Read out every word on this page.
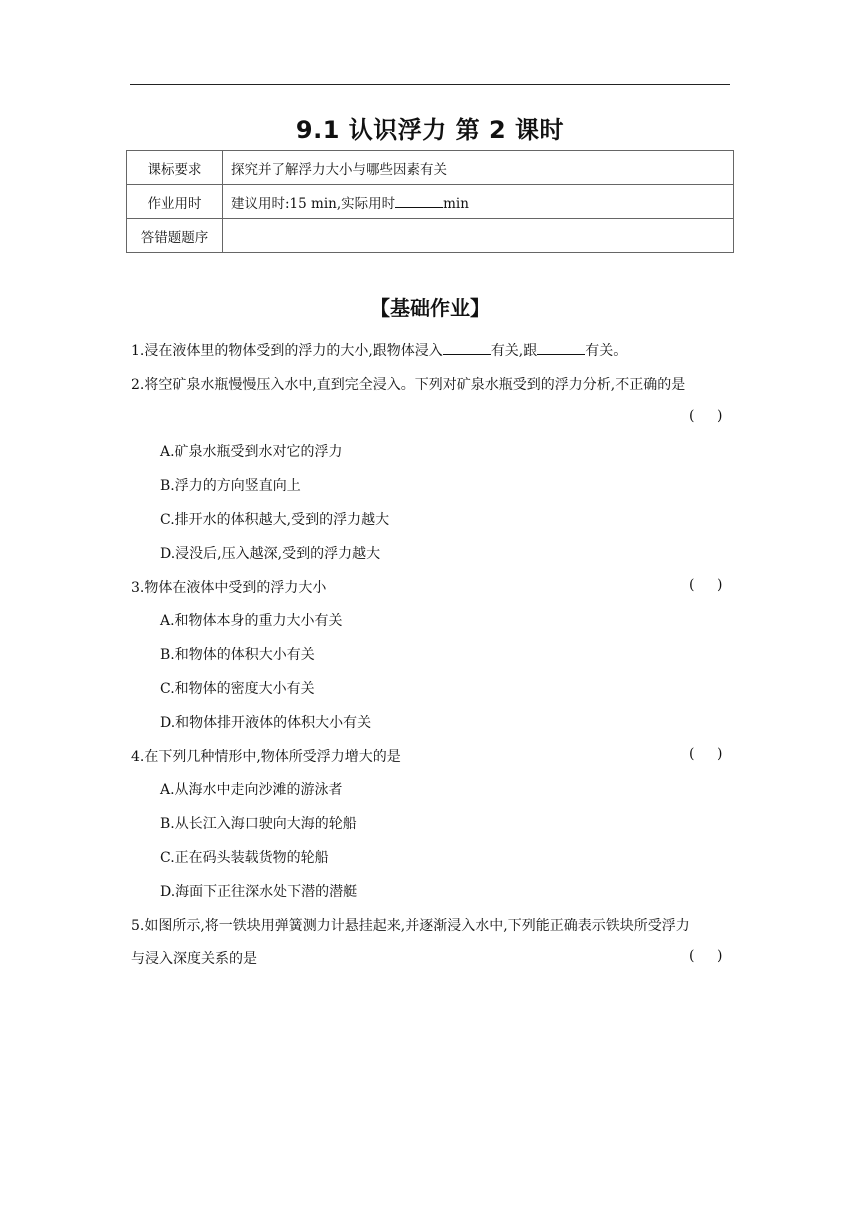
9.1 认识浮力 第 2 课时
课标要求	探究并了解浮力大小与哪些因素有关
作业用时	建议用时:15 min,实际用时 min
答错题题序	
【基础作业】
1.浸在液体里的物体受到的浮力的大小,跟物体浸入	有关,跟	有关。
2.将空矿泉水瓶慢慢压入水中,直到完全浸入。下列对矿泉水瓶受到的浮力分析,不正确的是
( )
A.矿泉水瓶受到水对它的浮力
B.浮力的方向竖直向上
C.排开水的体积越大,受到的浮力越大
D.浸没后,压入越深,受到的浮力越大
3.物体在液体中受到的浮力大小	( )
A.和物体本身的重力大小有关
B.和物体的体积大小有关
C.和物体的密度大小有关
D.和物体排开液体的体积大小有关
4.在下列几种情形中,物体所受浮力增大的是	( )
A.从海水中走向沙滩的游泳者
B.从长江入海口驶向大海的轮船
C.正在码头装载货物的轮船
D.海面下正往深水处下潜的潜艇
5.如图所示,将一铁块用弹簧测力计悬挂起来,并逐渐浸入水中,下列能正确表示铁块所受浮力
与浸入深度关系的是	( )
